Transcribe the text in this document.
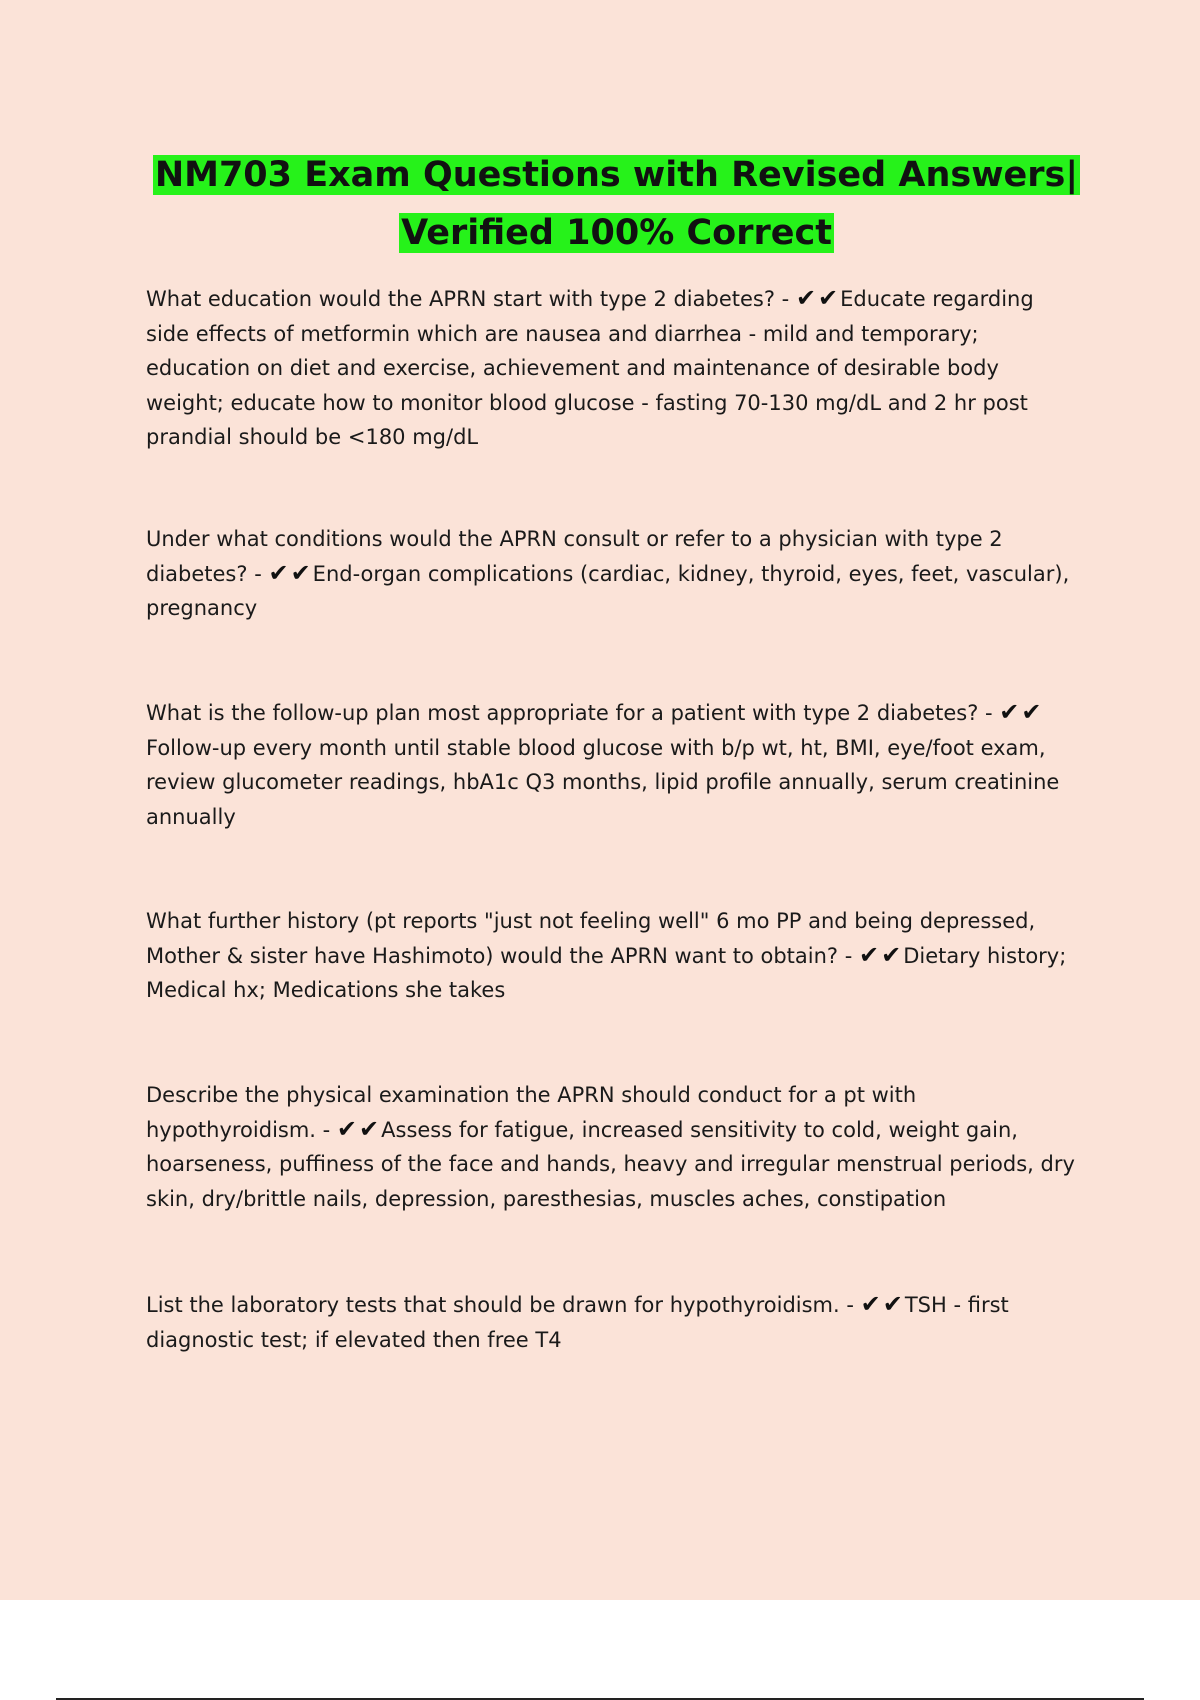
NM703 Exam Questions with Revised Answers| Verified 100% Correct

What education would the APRN start with type 2 diabetes? - ✔✔Educate regarding side effects of metformin which are nausea and diarrhea - mild and temporary; education on diet and exercise, achievement and maintenance of desirable body weight; educate how to monitor blood glucose - fasting 70-130 mg/dL and 2 hr post prandial should be <180 mg/dL

Under what conditions would the APRN consult or refer to a physician with type 2 diabetes? - ✔✔End-organ complications (cardiac, kidney, thyroid, eyes, feet, vascular), pregnancy

What is the follow-up plan most appropriate for a patient with type 2 diabetes? - ✔✔Follow-up every month until stable blood glucose with b/p wt, ht, BMI, eye/foot exam, review glucometer readings, hbA1c Q3 months, lipid profile annually, serum creatinine annually

What further history (pt reports "just not feeling well" 6 mo PP and being depressed, Mother & sister have Hashimoto) would the APRN want to obtain? - ✔✔Dietary history; Medical hx; Medications she takes

Describe the physical examination the APRN should conduct for a pt with hypothyroidism. - ✔✔Assess for fatigue, increased sensitivity to cold, weight gain, hoarseness, puffiness of the face and hands, heavy and irregular menstrual periods, dry skin, dry/brittle nails, depression, paresthesias, muscles aches, constipation

List the laboratory tests that should be drawn for hypothyroidism. - ✔✔TSH - first diagnostic test; if elevated then free T4
